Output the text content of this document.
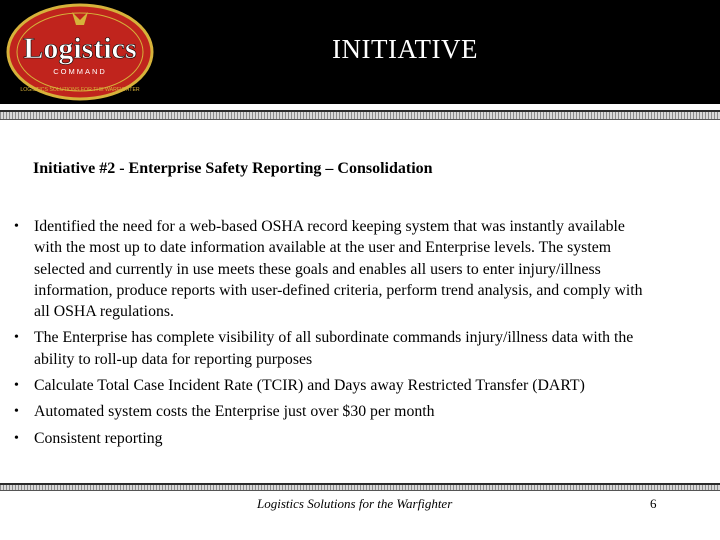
Logistics
COMMAND
LOGISTICS SOLUTIONS FOR THE WARFIGHTER
INITIATIVE
Initiative #2 - Enterprise Safety Reporting – Consolidation
• Identified the need for a web-based OSHA record keeping system that was instantly available with the most up to date information available at the user and Enterprise levels. The system selected and currently in use meets these goals and enables all users to enter injury/illness information, produce reports with user-defined criteria, perform trend analysis, and comply with all OSHA regulations.
• The Enterprise has complete visibility of all subordinate commands injury/illness data with the ability to roll-up data for reporting purposes
• Calculate Total Case Incident Rate (TCIR) and Days away Restricted Transfer (DART)
• Automated system costs the Enterprise just over $30 per month
• Consistent reporting
Logistics Solutions for the Warfighter	6
